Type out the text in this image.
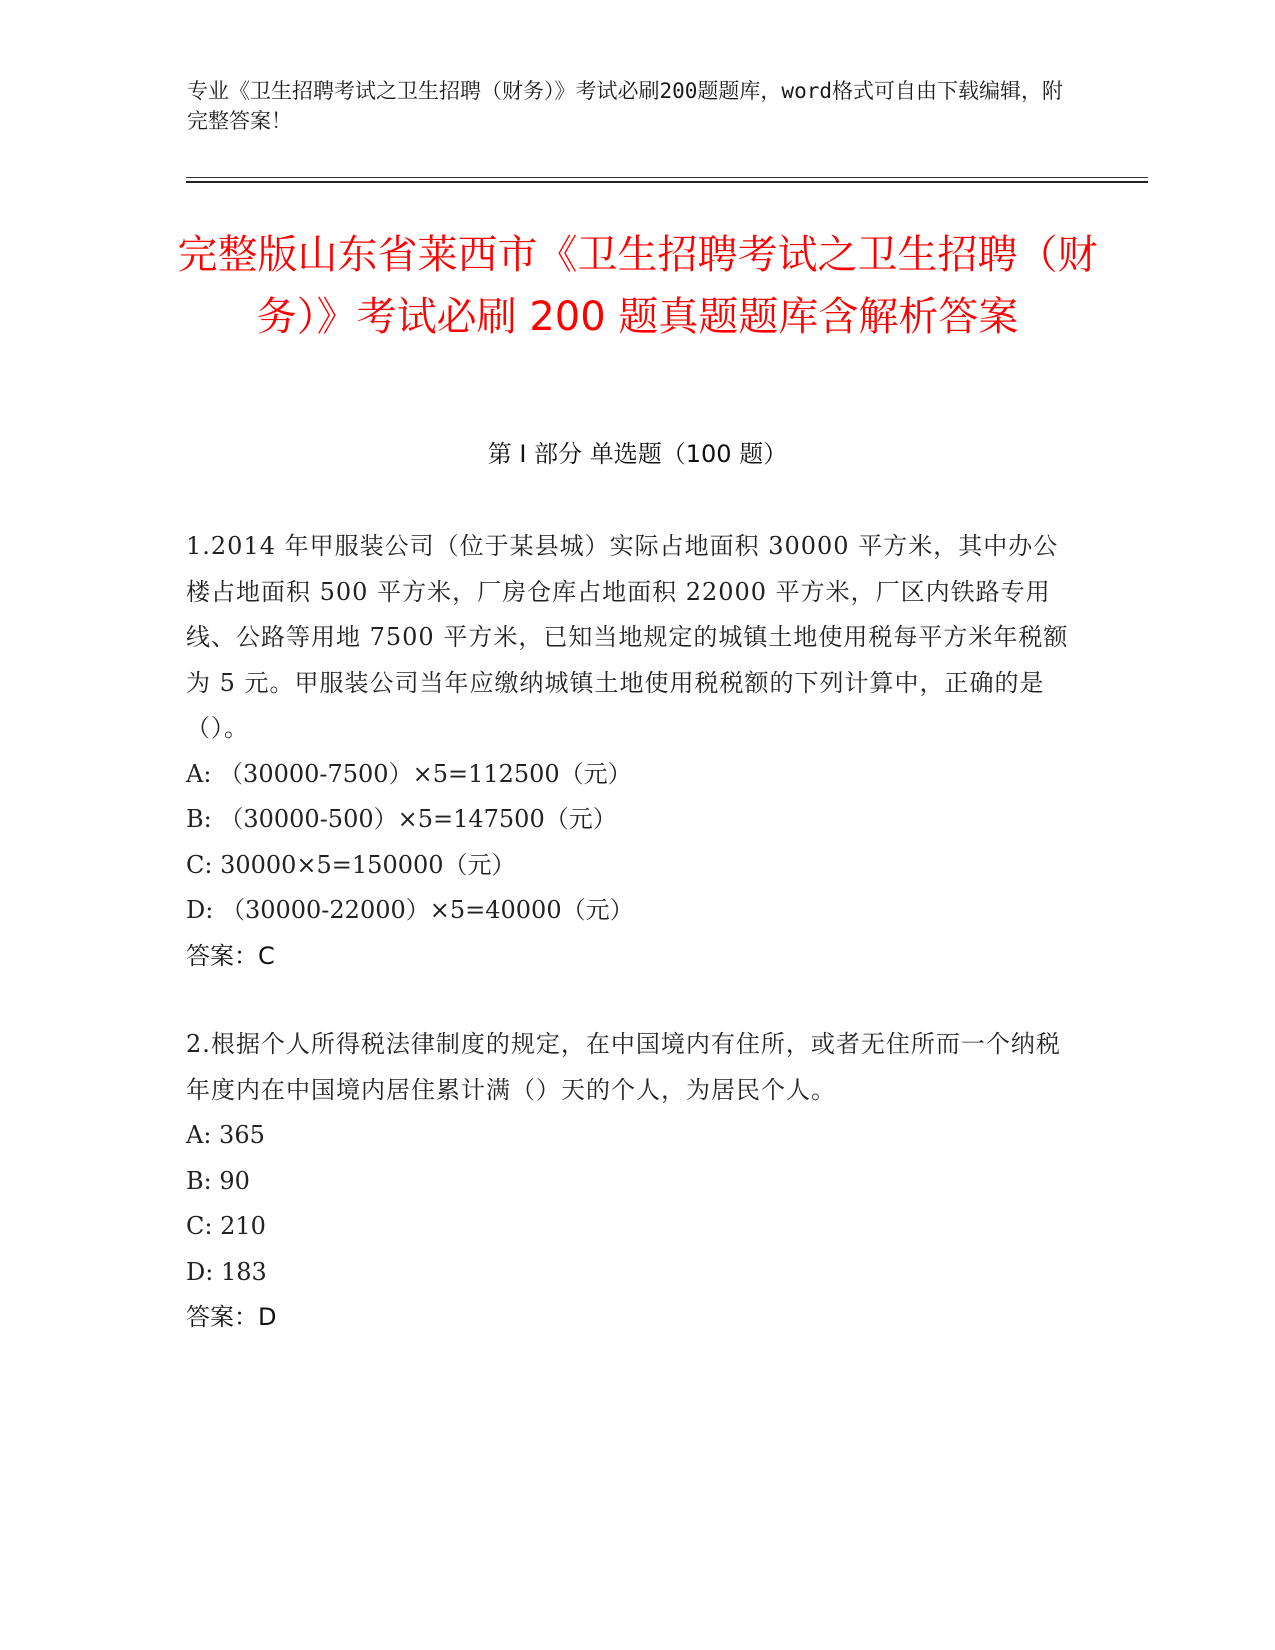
专业《卫生招聘考试之卫生招聘（财务）》考试必刷200题题库，word格式可自由下载编辑，附完整答案！
完整版山东省莱西市《卫生招聘考试之卫生招聘（财务）》考试必刷 200 题真题题库含解析答案
第 I 部分 单选题（100 题）
1.2014 年甲服装公司（位于某县城）实际占地面积 30000 平方米，其中办公楼占地面积 500 平方米，厂房仓库占地面积 22000 平方米，厂区内铁路专用线、公路等用地 7500 平方米，已知当地规定的城镇土地使用税每平方米年税额为 5 元。甲服装公司当年应缴纳城镇土地使用税税额的下列计算中，正确的是（）。
A: （30000-7500）×5=112500（元）
B: （30000-500）×5=147500（元）
C: 30000×5=150000（元）
D: （30000-22000）×5=40000（元）
答案：C
2.根据个人所得税法律制度的规定，在中国境内有住所，或者无住所而一个纳税年度内在中国境内居住累计满（）天的个人，为居民个人。
A: 365
B: 90
C: 210
D: 183
答案：D
